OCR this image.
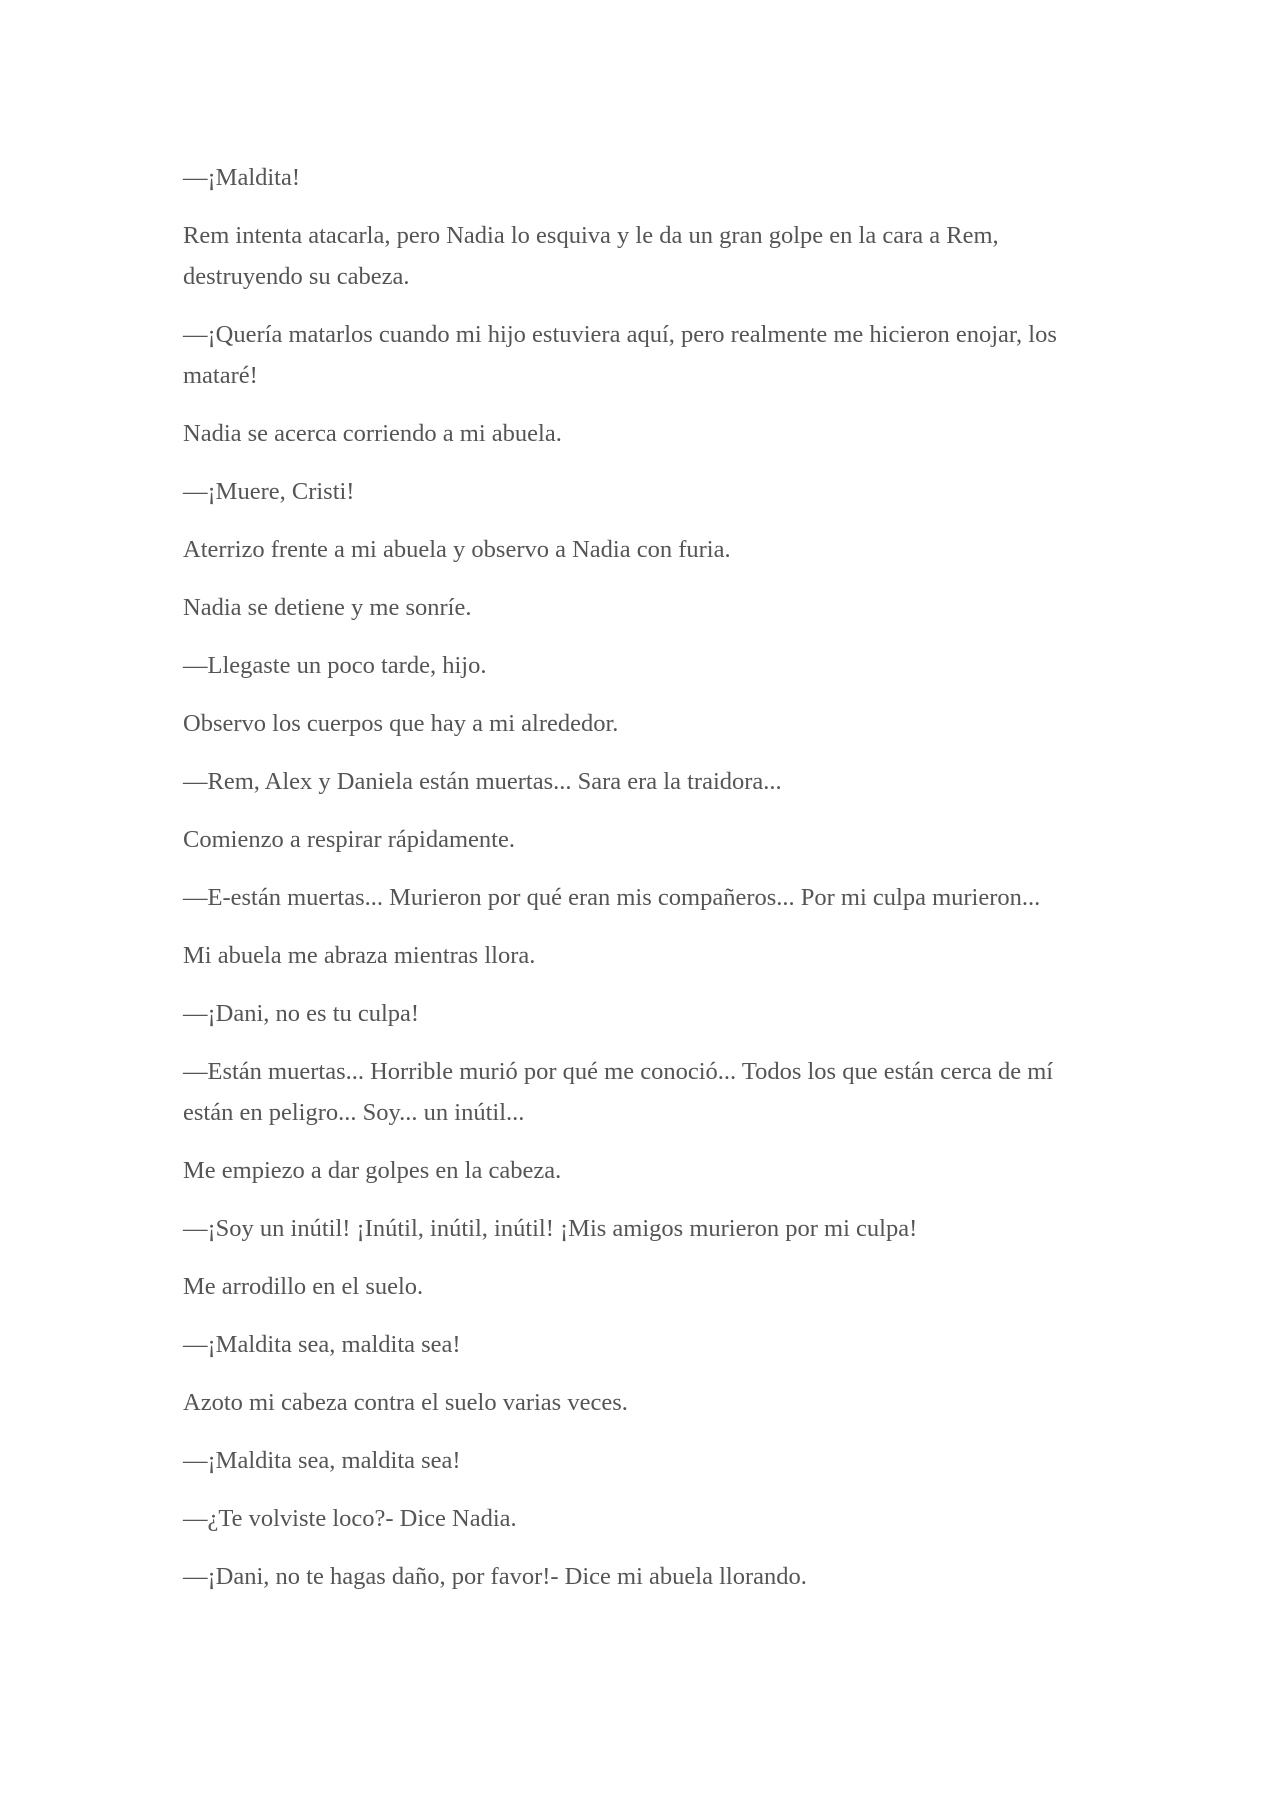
—¡Maldita!

Rem intenta atacarla, pero Nadia lo esquiva y le da un gran golpe en la cara a Rem, destruyendo su cabeza.

—¡Quería matarlos cuando mi hijo estuviera aquí, pero realmente me hicieron enojar, los mataré!

Nadia se acerca corriendo a mi abuela.

—¡Muere, Cristi!

Aterrizo frente a mi abuela y observo a Nadia con furia.

Nadia se detiene y me sonríe.

—Llegaste un poco tarde, hijo.

Observo los cuerpos que hay a mi alrededor.

—Rem, Alex y Daniela están muertas... Sara era la traidora...

Comienzo a respirar rápidamente.

—E-están muertas... Murieron por qué eran mis compañeros... Por mi culpa murieron...

Mi abuela me abraza mientras llora.

—¡Dani, no es tu culpa!

—Están muertas... Horrible murió por qué me conoció... Todos los que están cerca de mí están en peligro... Soy... un inútil...

Me empiezo a dar golpes en la cabeza.

—¡Soy un inútil! ¡Inútil, inútil, inútil! ¡Mis amigos murieron por mi culpa!

Me arrodillo en el suelo.

—¡Maldita sea, maldita sea!

Azoto mi cabeza contra el suelo varias veces.

—¡Maldita sea, maldita sea!

—¿Te volviste loco?- Dice Nadia.

—¡Dani, no te hagas daño, por favor!- Dice mi abuela llorando.
